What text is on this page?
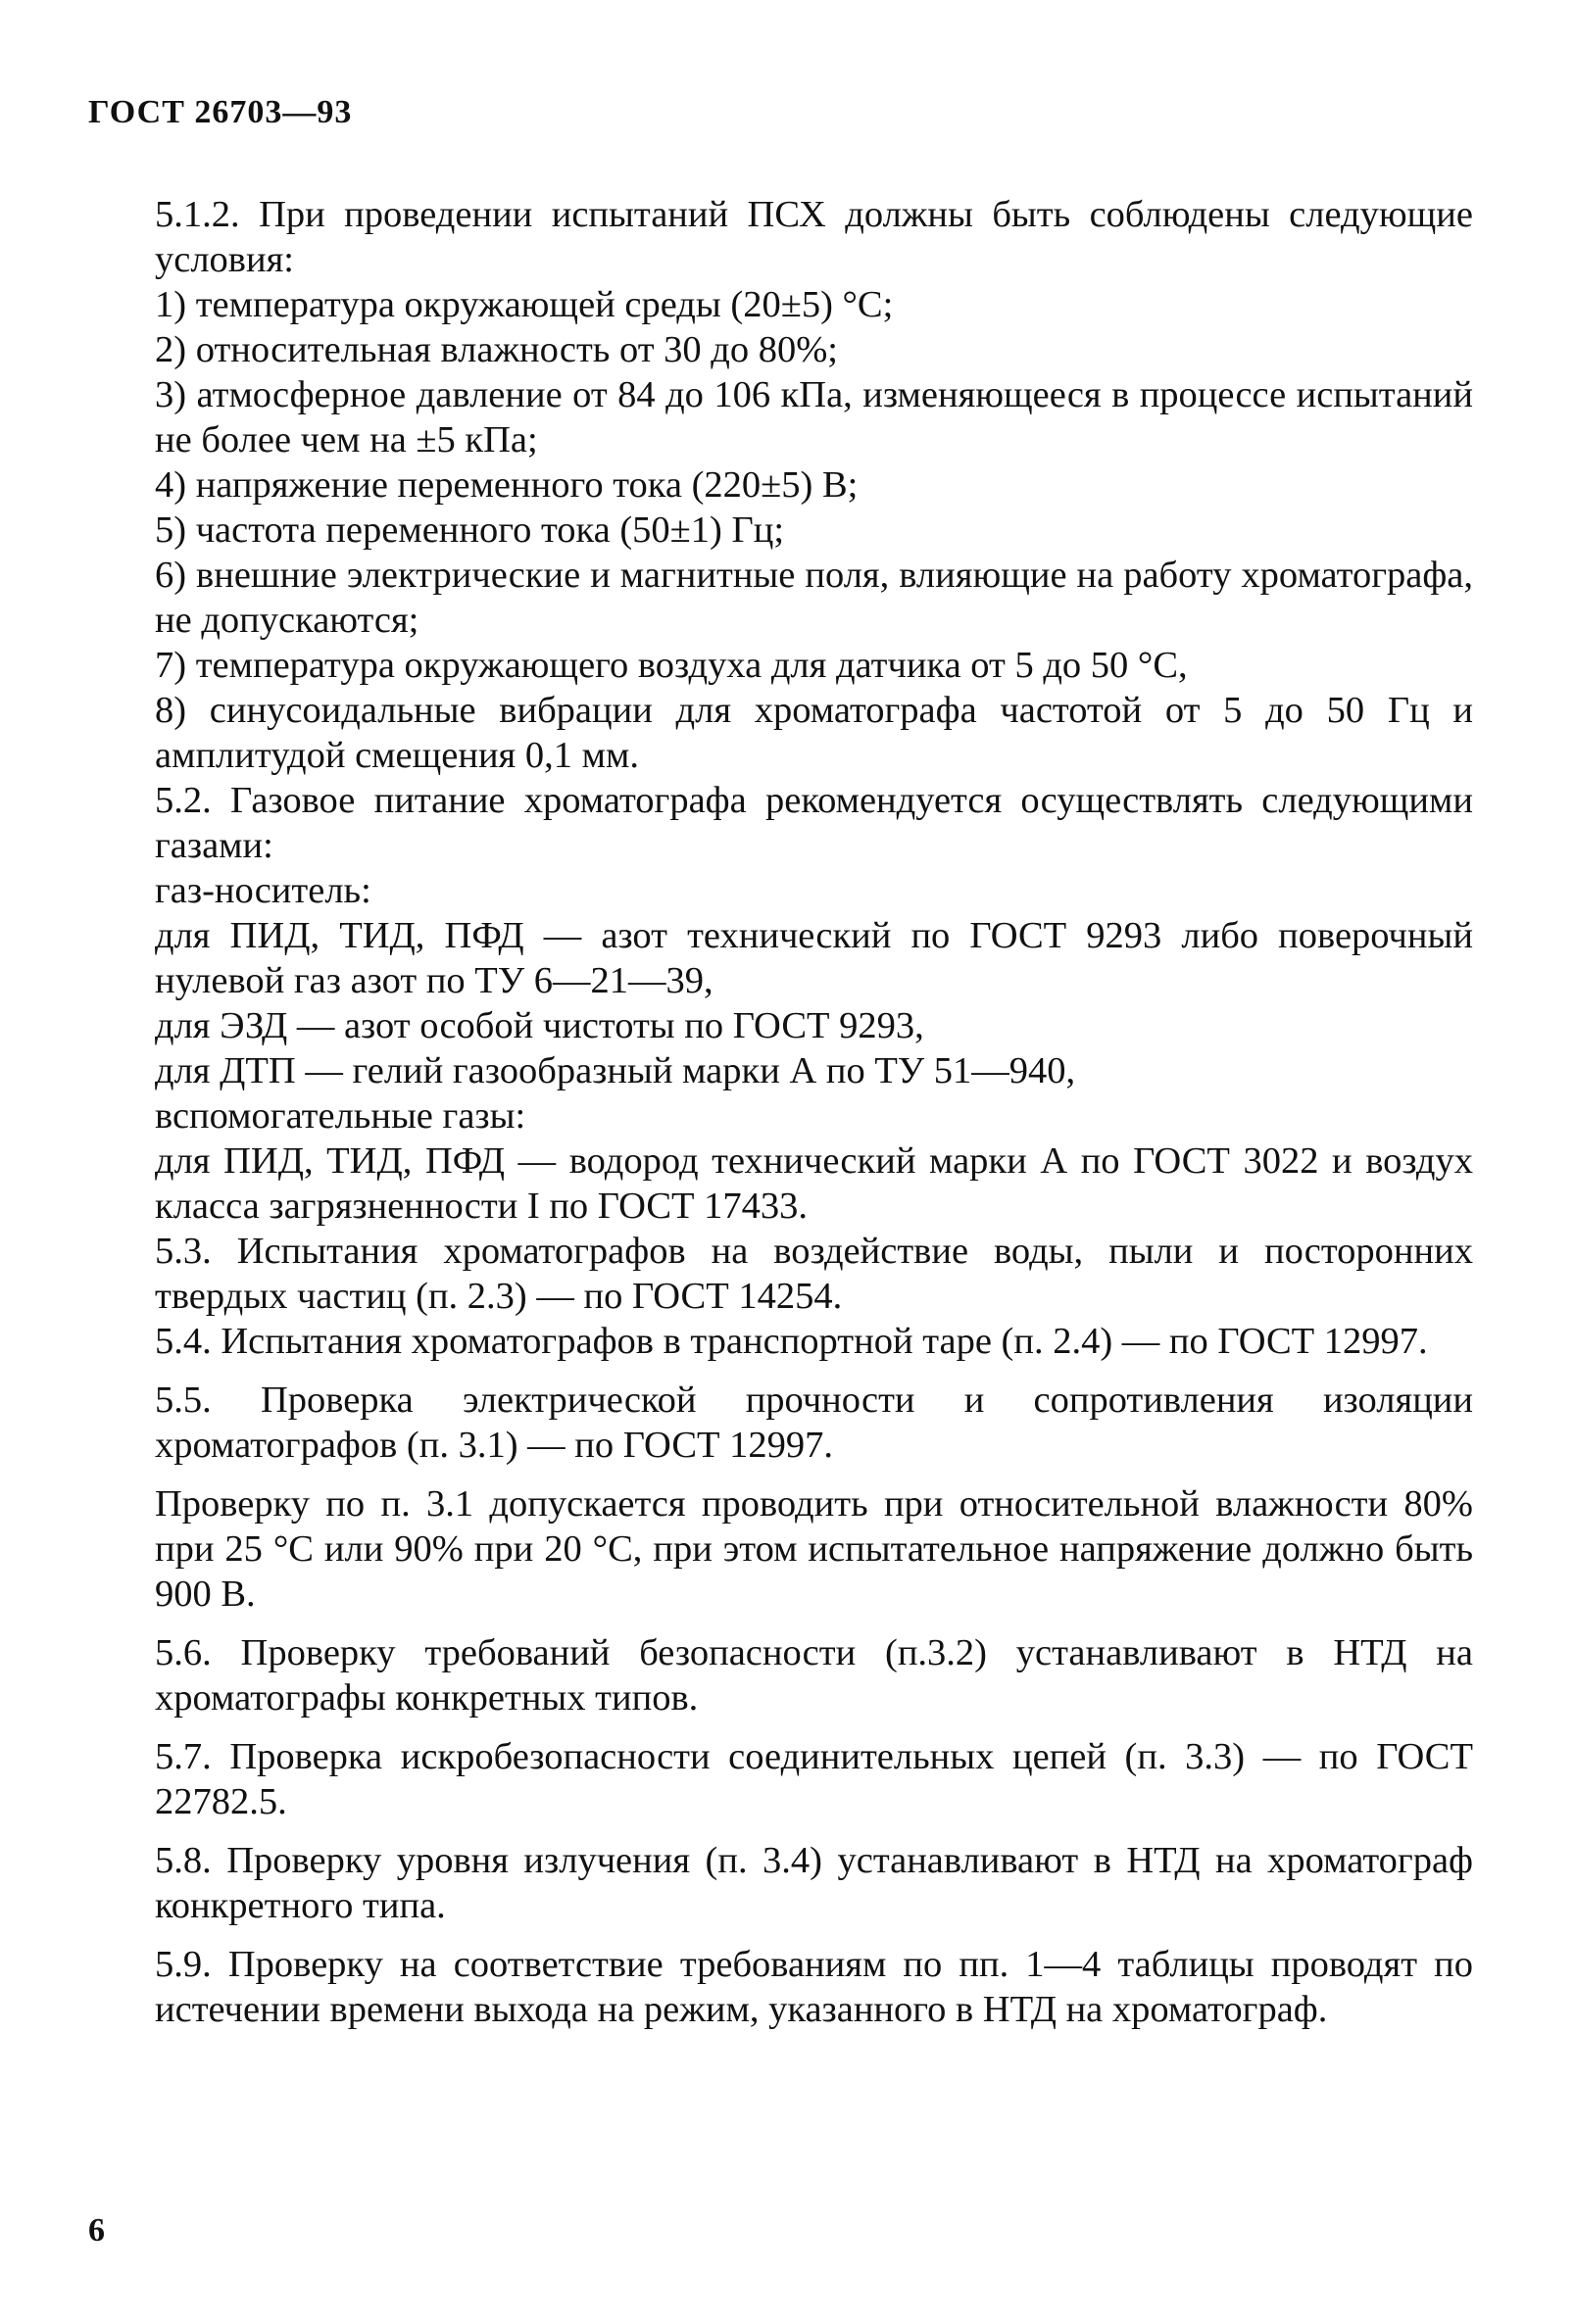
ГОСТ 26703—93

5.1.2. При проведении испытаний ПСХ должны быть соблюдены следующие условия:

1) температура окружающей среды (20±5) °С;

2) относительная влажность от 30 до 80%;

3) атмосферное давление от 84 до 106 кПа, изменяющееся в процессе испытаний не более чем на ±5 кПа;

4) напряжение переменного тока (220±5) В;

5) частота переменного тока (50±1) Гц;

6) внешние электрические и магнитные поля, влияющие на работу хроматографа, не допускаются;

7) температура окружающего воздуха для датчика от 5 до 50 °С,

8) синусоидальные вибрации для хроматографа частотой от 5 до 50 Гц и амплитудой смещения 0,1 мм.

5.2. Газовое питание хроматографа рекомендуется осуществлять следующими газами:

газ-носитель:

для ПИД, ТИД, ПФД — азот технический по ГОСТ 9293 либо поверочный нулевой газ азот по ТУ 6—21—39,

для ЭЗД — азот особой чистоты по ГОСТ 9293,

для ДТП — гелий газообразный марки А по ТУ 51—940,

вспомогательные газы:

для ПИД, ТИД, ПФД — водород технический марки А по ГОСТ 3022 и воздух класса загрязненности I по ГОСТ 17433.

5.3. Испытания хроматографов на воздействие воды, пыли и посторонних твердых частиц (п. 2.3) — по ГОСТ 14254.

5.4. Испытания хроматографов в транспортной таре (п. 2.4) — по ГОСТ 12997.

5.5. Проверка электрической прочности и сопротивления изоляции хроматографов (п. 3.1) — по ГОСТ 12997.

Проверку по п. 3.1 допускается проводить при относительной влажности 80% при 25 °С или 90% при 20 °С, при этом испытательное напряжение должно быть 900 В.

5.6. Проверку требований безопасности (п.3.2) устанавливают в НТД на хроматографы конкретных типов.

5.7. Проверка искробезопасности соединительных цепей (п. 3.3) — по ГОСТ 22782.5.

5.8. Проверку уровня излучения (п. 3.4) устанавливают в НТД на хроматограф конкретного типа.

5.9. Проверку на соответствие требованиям по пп. 1—4 таблицы проводят по истечении времени выхода на режим, указанного в НТД на хроматограф.

6
